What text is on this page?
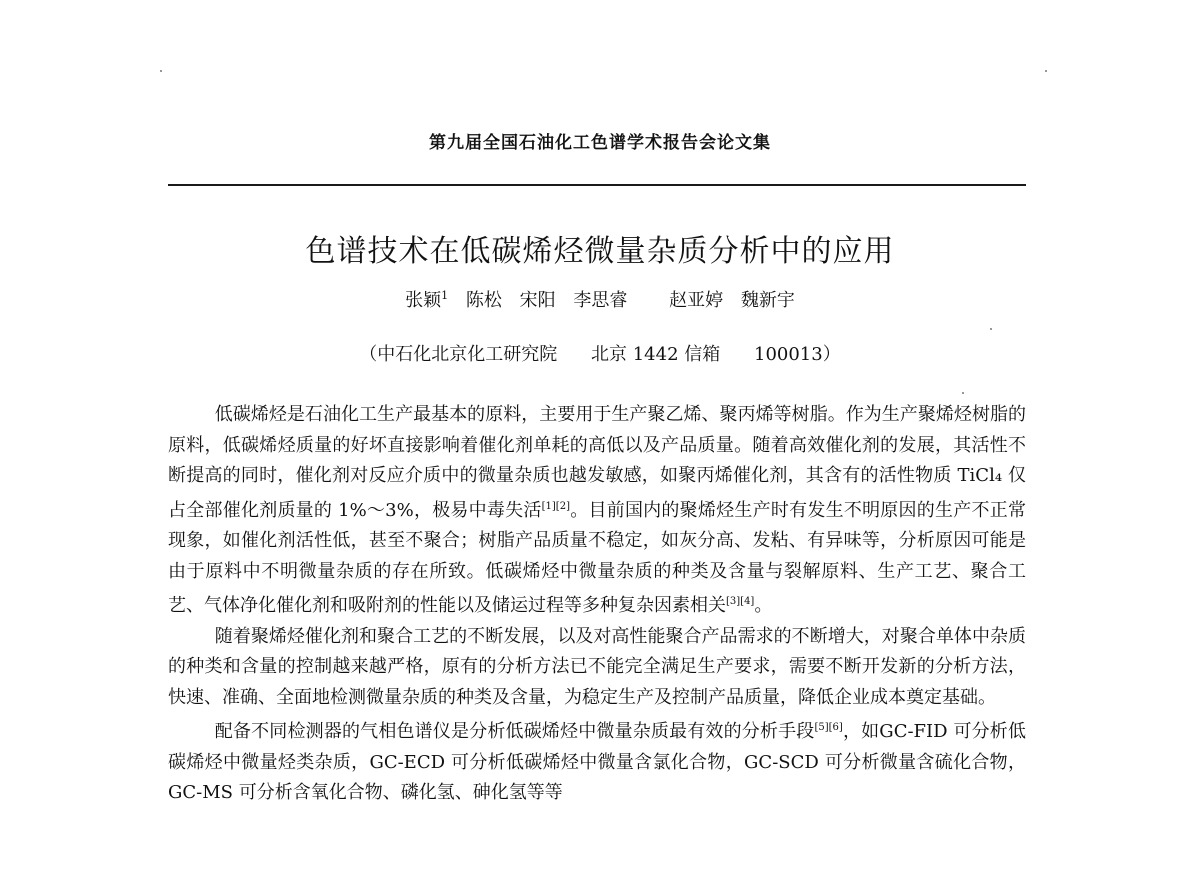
第九届全国石油化工色谱学术报告会论文集
色谱技术在低碳烯烃微量杂质分析中的应用
张颖$^1$ 陈松 宋阳 李思睿 赵亚婷 魏新宇
（中石化北京化工研究院 北京 1442 信箱 100013）

低碳烯烃是石油化工生产最基本的原料，主要用于生产聚乙烯、聚丙烯等树脂。作为生产聚烯烃树脂的原料，低碳烯烃质量的好坏直接影响着催化剂单耗的高低以及产品质量。随着高效催化剂的发展，其活性不断提高的同时，催化剂对反应介质中的微量杂质也越发敏感，如聚丙烯催化剂，其含有的活性物质 TiCl₄ 仅占全部催化剂质量的 1%～3%，极易中毒失活[1][2]。目前国内的聚烯烃生产时有发生不明原因的生产不正常现象，如催化剂活性低，甚至不聚合；树脂产品质量不稳定，如灰分高、发粘、有异味等，分析原因可能是由于原料中不明微量杂质的存在所致。低碳烯烃中微量杂质的种类及含量与裂解原料、生产工艺、聚合工艺、气体净化催化剂和吸附剂的性能以及储运过程等多种复杂因素相关[3][4]。

随着聚烯烃催化剂和聚合工艺的不断发展，以及对高性能聚合产品需求的不断增大，对聚合单体中杂质的种类和含量的控制越来越严格，原有的分析方法已不能完全满足生产要求，需要不断开发新的分析方法，快速、准确、全面地检测微量杂质的种类及含量，为稳定生产及控制产品质量，降低企业成本奠定基础。

配备不同检测器的气相色谱仪是分析低碳烯烃中微量杂质最有效的分析手段[5][6]，如GC-FID 可分析低碳烯烃中微量烃类杂质，GC-ECD 可分析低碳烯烃中微量含氯化合物，GC-SCD 可分析微量含硫化合物，GC-MS 可分析含氧化合物、磷化氢、砷化氢等等
